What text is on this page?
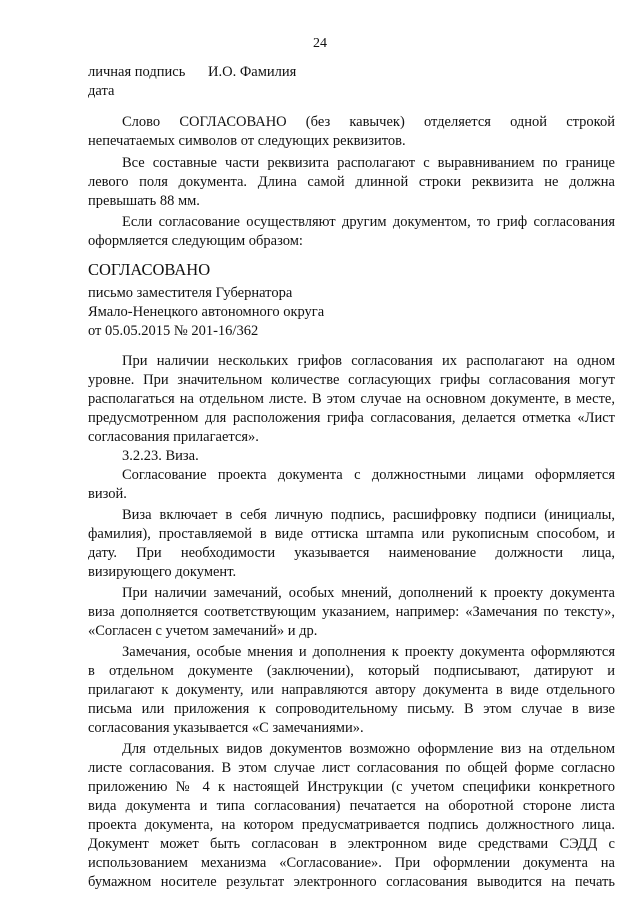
24
личная подпись И.О. Фамилия
дата
Слово СОГЛАСОВАНО (без кавычек) отделяется одной строкой
непечатаемых символов от следующих реквизитов.
Все составные части реквизита располагают с выравниванием по границе
левого поля документа. Длина самой длинной строки реквизита не должна
превышать 88 мм.
Если согласование осуществляют другим документом, то гриф согласования
оформляется следующим образом:
СОГЛАСОВАНО
письмо заместителя Губернатора
Ямало-Ненецкого автономного округа
от 05.05.2015 № 201-16/362
При наличии нескольких грифов согласования их располагают на одном
уровне. При значительном количестве согласующих грифы согласования могут
располагаться на отдельном листе. В этом случае на основном документе, в месте,
предусмотренном для расположения грифа согласования, делается отметка «Лист
согласования прилагается».
3.2.23. Виза.
Согласование проекта документа с должностными лицами оформляется
визой.
Виза включает в себя личную подпись, расшифровку подписи (инициалы,
фамилия), проставляемой в виде оттиска штампа или рукописным способом, и
дату. При необходимости указывается наименование должности лица,
визирующего документ.
При наличии замечаний, особых мнений, дополнений к проекту документа
виза дополняется соответствующим указанием, например: «Замечания по тексту»,
«Согласен с учетом замечаний» и др.
Замечания, особые мнения и дополнения к проекту документа оформляются
в отдельном документе (заключении), который подписывают, датируют и
прилагают к документу, или направляются автору документа в виде отдельного
письма или приложения к сопроводительному письму. В этом случае в визе
согласования указывается «С замечаниями».
Для отдельных видов документов возможно оформление виз на отдельном
листе согласования. В этом случае лист согласования по общей форме согласно
приложению № 4 к настоящей Инструкции (с учетом специфики конкретного
вида документа и типа согласования) печатается на оборотной стороне листа
проекта документа, на котором предусматривается подпись должностного лица.
Документ может быть согласован в электронном виде средствами СЭДД с
использованием механизма «Согласование». При оформлении документа на
бумажном носителе результат электронного согласования выводится на печать
